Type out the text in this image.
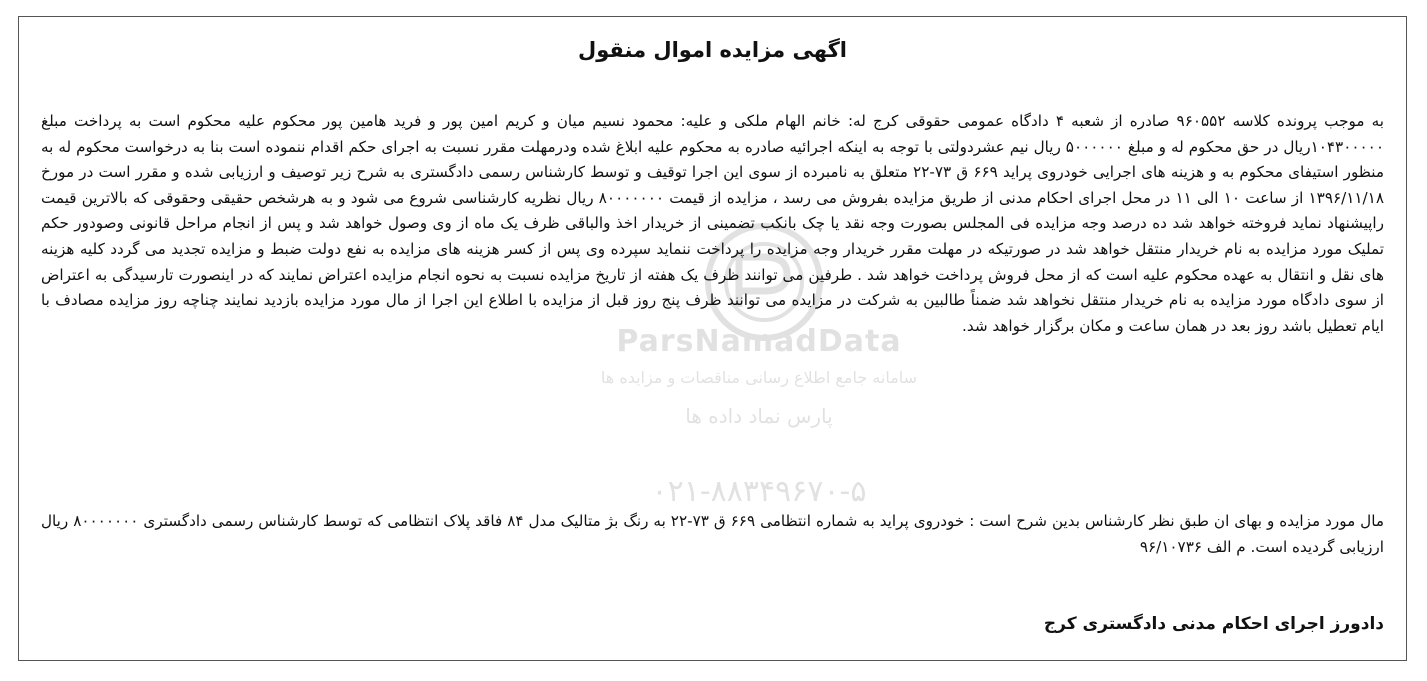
ParsNamadData
سامانه جامع اطلاع رسانی مناقصات و مزایده ها
پارس نماد داده ها
۰۲۱-۸۸۳۴۹۶۷۰-۵
اگهی مزایده اموال منقول
به موجب پرونده کلاسه ۹۶۰۵۵۲ صادره از شعبه ۴ دادگاه عمومی حقوقی کرج له: خانم الهام ملکی و علیه: محمود نسیم میان و کریم امین پور و فرید هامین پور محکوم علیه محکوم است به پرداخت مبلغ ۱۰۴۳۰۰۰۰۰ریال در حق محکوم له و مبلغ ۵۰۰۰۰۰۰ ریال نیم عشردولتی با توجه به اینکه اجرائیه صادره به محکوم علیه ابلاغ شده ودرمهلت مقرر نسبت به اجرای حکم اقدام ننموده است بنا به درخواست محکوم له به منظور استیفای محکوم به و هزینه های اجرایی خودروی پراید ۶۶۹ ق ۷۳-۲۲ متعلق به نامبرده از سوی این اجرا توقیف و توسط کارشناس رسمی دادگستری به شرح زیر توصیف و ارزیابی شده و مقرر است در مورخ ۱۳۹۶/۱۱/۱۸ از ساعت ۱۰ الی ۱۱ در محل اجرای احکام مدنی از طریق مزایده بفروش می رسد ، مزایده از قیمت ۸۰۰۰۰۰۰۰ ریال نظریه کارشناسی شروع می شود و به هرشخص حقیقی وحقوقی که بالاترین قیمت راپیشنهاد نماید فروخته خواهد شد ده درصد وجه مزایده فی المجلس بصورت وجه نقد یا چک بانکب تضمینی از خریدار اخذ والباقی ظرف یک ماه از وی وصول خواهد شد و پس از انجام مراحل قانونی وصودور حکم تملیک مورد مزایده به نام خریدار منتقل خواهد شد در صورتیکه در مهلت مقرر خریدار وجه مزایده را پرداخت ننماید سپرده وی پس از کسر هزینه های مزایده به نفع دولت ضبط و مزایده تجدید می گردد کلیه هزینه های نقل و انتقال به عهده محکوم علیه است که از محل فروش پرداخت خواهد شد . طرفین می توانند ظرف یک هفته از تاریخ مزایده نسبت به نحوه انجام مزایده اعتراض نمایند که در اینصورت تارسیدگی به اعتراض از سوی دادگاه مورد مزایده به نام خریدار منتقل نخواهد شد ضمناً طالبین به شرکت در مزایده می توانند ظرف پنج روز قبل از مزایده با اطلاع این اجرا از مال مورد مزایده بازدید نمایند چناچه روز مزایده مصادف با ایام تعطیل باشد روز بعد در همان ساعت و مکان برگزار خواهد شد.
مال مورد مزایده و بهای ان طبق نظر کارشناس بدین شرح است : خودروی پراید به شماره انتظامی ۶۶۹ ق ۷۳-۲۲ به رنگ بژ متالیک مدل ۸۴ فاقد پلاک انتظامی که توسط کارشناس رسمی دادگستری ۸۰۰۰۰۰۰۰ ریال ارزیابی گردیده است. م الف ۹۶/۱۰۷۳۶
دادورز اجرای احکام مدنی دادگستری کرج
